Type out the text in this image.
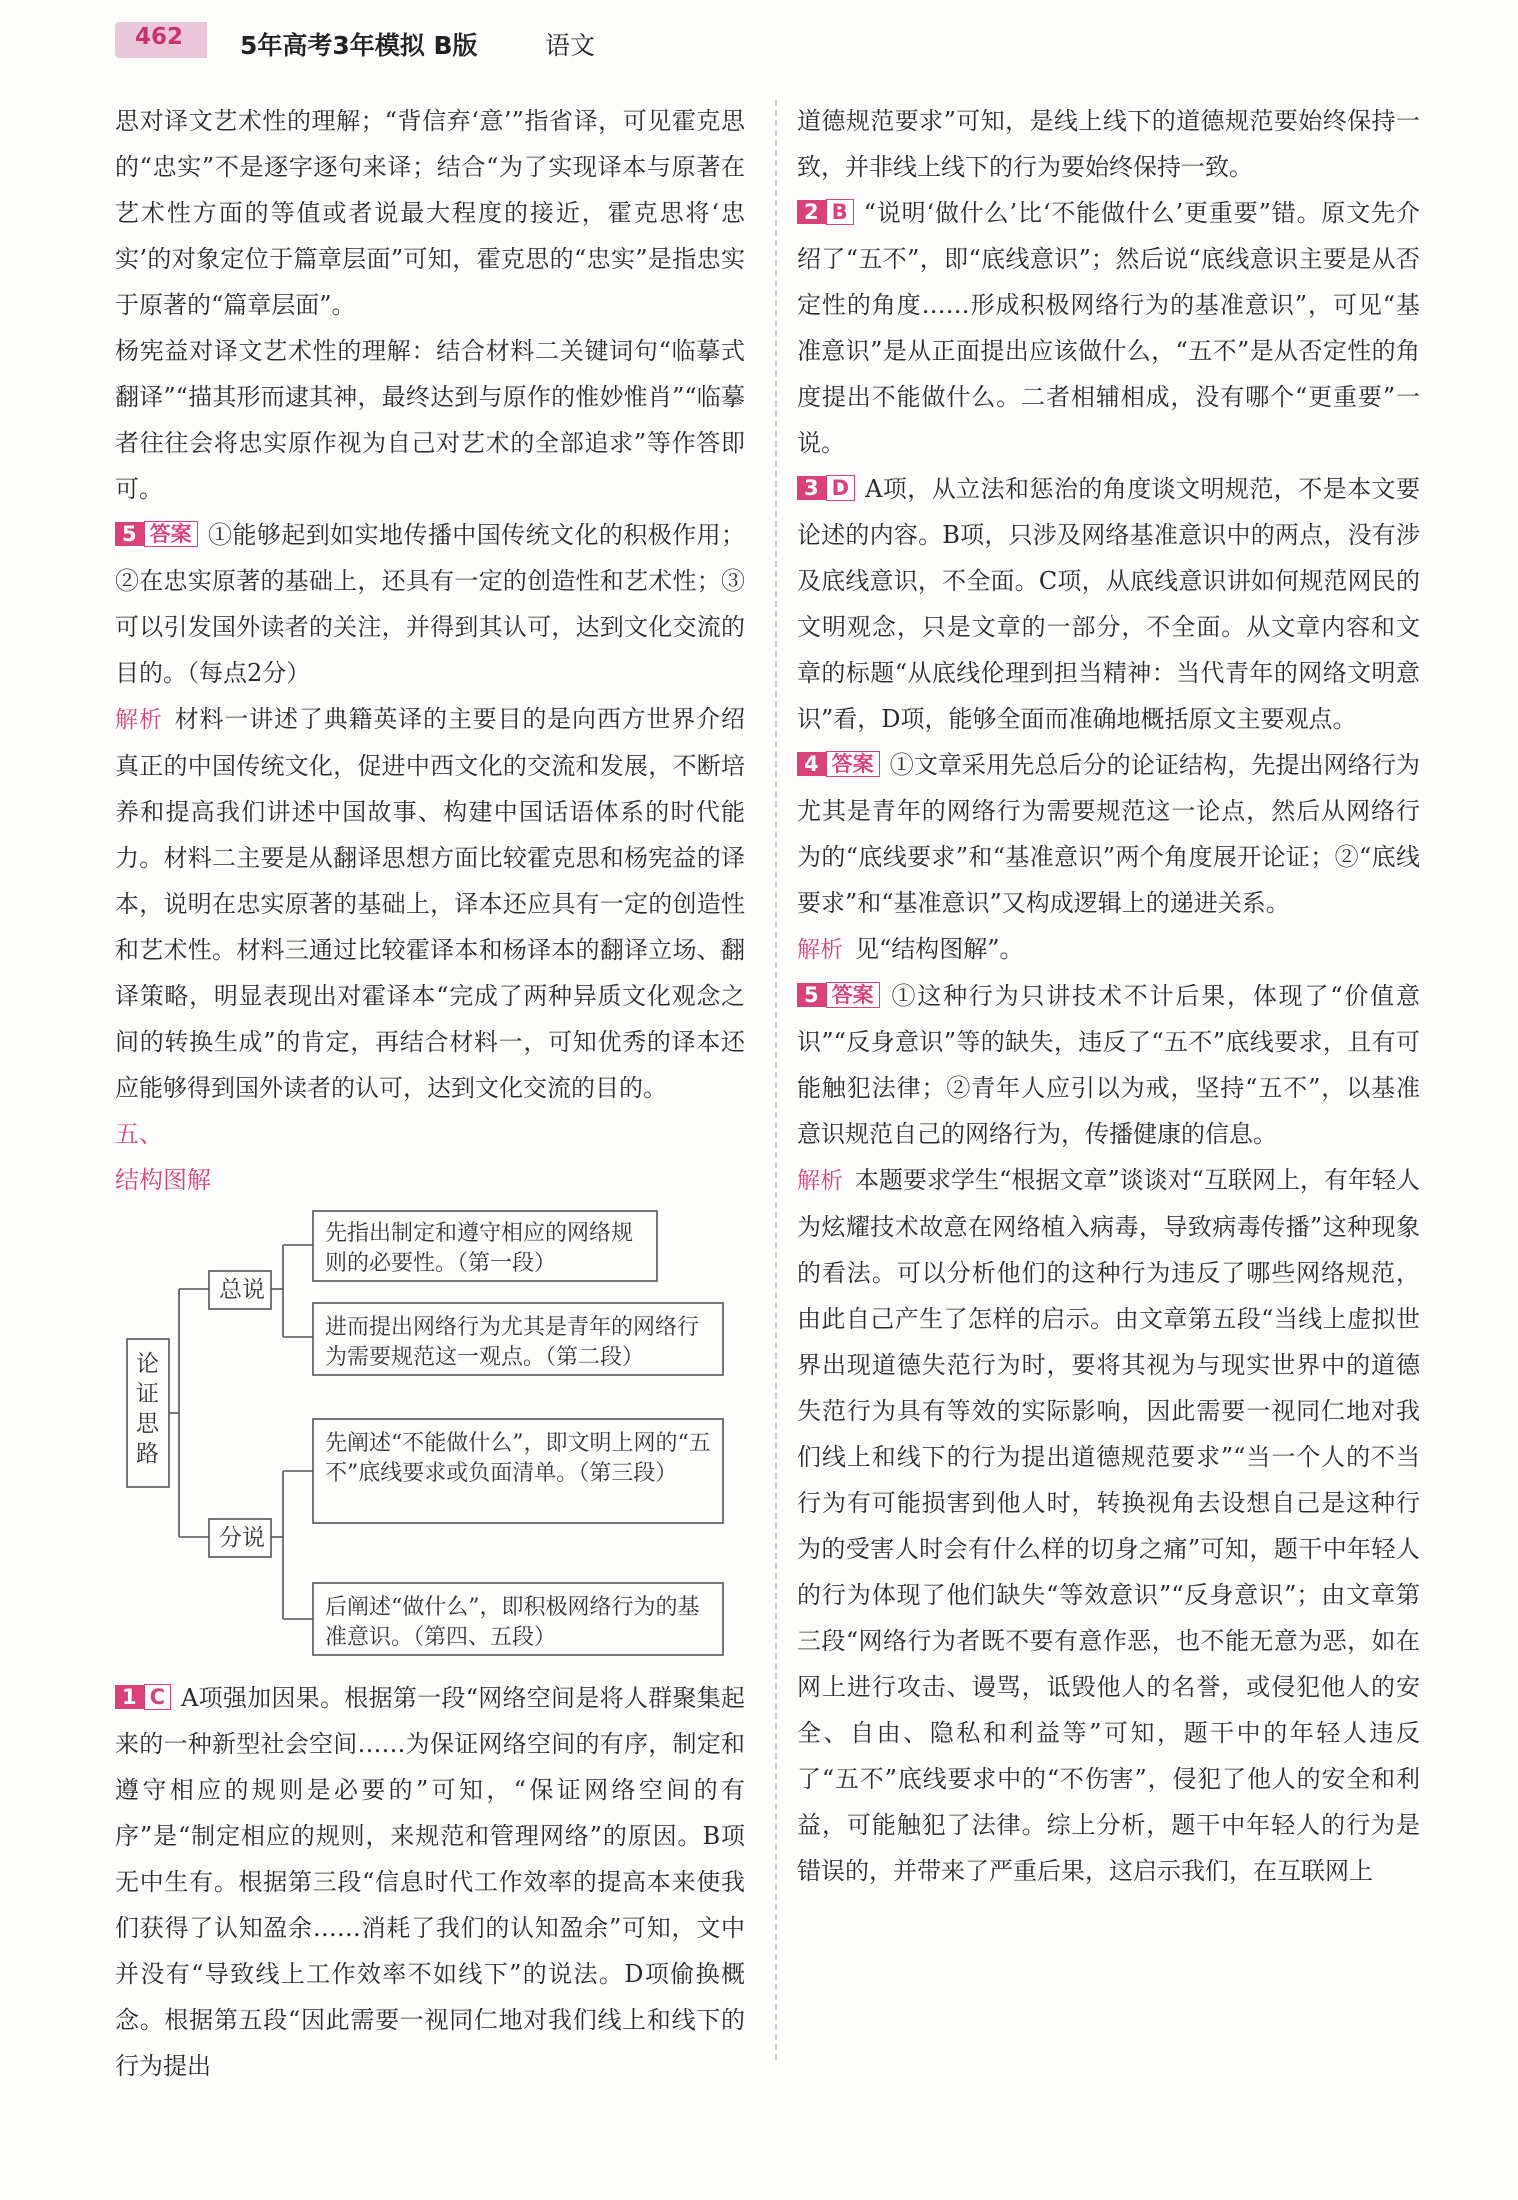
462 5年高考3年模拟 B版	语文

思对译文艺术性的理解；“背信弃‘意’”指省译，可见霍克思的“忠实”不是逐字逐句来译；结合“为了实现译本与原著在艺术性方面的等值或者说最大程度的接近，霍克思将‘忠实’的对象定位于篇章层面”可知，霍克思的“忠实”是指忠实于原著的“篇章层面”。

杨宪益对译文艺术性的理解：结合材料二关键词句“临摹式翻译”“描其形而逮其神，最终达到与原作的惟妙惟肖”“临摹者往往会将忠实原作视为自己对艺术的全部追求”等作答即可。

5 答案 ①能够起到如实地传播中国传统文化的积极作用；②在忠实原著的基础上，还具有一定的创造性和艺术性；③可以引发国外读者的关注，并得到其认可，达到文化交流的目的。（每点2分）

解析 材料一讲述了典籍英译的主要目的是向西方世界介绍真正的中国传统文化，促进中西文化的交流和发展，不断培养和提高我们讲述中国故事、构建中国话语体系的时代能力。材料二主要是从翻译思想方面比较霍克思和杨宪益的译本，说明在忠实原著的基础上，译本还应具有一定的创造性和艺术性。材料三通过比较霍译本和杨译本的翻译立场、翻译策略，明显表现出对霍译本“完成了两种异质文化观念之间的转换生成”的肯定，再结合材料一，可知优秀的译本还应能够得到国外读者的认可，达到文化交流的目的。

五、

结构图解

论证思路
总说
分说
先指出制定和遵守相应的网络规则的必要性。（第一段）
进而提出网络行为尤其是青年的网络行为需要规范这一观点。（第二段）
先阐述“不能做什么”，即文明上网的“五不”底线要求或负面清单。（第三段）
后阐述“做什么”，即积极网络行为的基准意识。（第四、五段）

1 C A项强加因果。根据第一段“网络空间是将人群聚集起来的一种新型社会空间……为保证网络空间的有序，制定和遵守相应的规则是必要的”可知，“保证网络空间的有序”是“制定相应的规则，来规范和管理网络”的原因。B项无中生有。根据第三段“信息时代工作效率的提高本来使我们获得了认知盈余……消耗了我们的认知盈余”可知，文中并没有“导致线上工作效率不如线下”的说法。D项偷换概念。根据第五段“因此需要一视同仁地对我们线上和线下的行为提出

道德规范要求”可知，是线上线下的道德规范要始终保持一致，并非线上线下的行为要始终保持一致。

2 B “说明‘做什么’比‘不能做什么’更重要”错。原文先介绍了“五不”，即“底线意识”；然后说“底线意识主要是从否定性的角度……形成积极网络行为的基准意识”，可见“基准意识”是从正面提出应该做什么，“五不”是从否定性的角度提出不能做什么。二者相辅相成，没有哪个“更重要”一说。

3 D A项，从立法和惩治的角度谈文明规范，不是本文要论述的内容。B项，只涉及网络基准意识中的两点，没有涉及底线意识，不全面。C项，从底线意识讲如何规范网民的文明观念，只是文章的一部分，不全面。从文章内容和文章的标题“从底线伦理到担当精神：当代青年的网络文明意识”看，D项，能够全面而准确地概括原文主要观点。

4 答案 ①文章采用先总后分的论证结构，先提出网络行为尤其是青年的网络行为需要规范这一论点，然后从网络行为的“底线要求”和“基准意识”两个角度展开论证；②“底线要求”和“基准意识”又构成逻辑上的递进关系。

解析 见“结构图解”。

5 答案 ①这种行为只讲技术不计后果，体现了“价值意识”“反身意识”等的缺失，违反了“五不”底线要求，且有可能触犯法律；②青年人应引以为戒，坚持“五不”，以基准意识规范自己的网络行为，传播健康的信息。

解析 本题要求学生“根据文章”谈谈对“互联网上，有年轻人为炫耀技术故意在网络植入病毒，导致病毒传播”这种现象的看法。可以分析他们的这种行为违反了哪些网络规范，由此自己产生了怎样的启示。由文章第五段“当线上虚拟世界出现道德失范行为时，要将其视为与现实世界中的道德失范行为具有等效的实际影响，因此需要一视同仁地对我们线上和线下的行为提出道德规范要求”“当一个人的不当行为有可能损害到他人时，转换视角去设想自己是这种行为的受害人时会有什么样的切身之痛”可知，题干中年轻人的行为体现了他们缺失“等效意识”“反身意识”；由文章第三段“网络行为者既不要有意作恶，也不能无意为恶，如在网上进行攻击、谩骂，诋毁他人的名誉，或侵犯他人的安全、自由、隐私和利益等”可知，题干中的年轻人违反了“五不”底线要求中的“不伤害”，侵犯了他人的安全和利益，可能触犯了法律。综上分析，题干中年轻人的行为是错误的，并带来了严重后果，这启示我们，在互联网上
